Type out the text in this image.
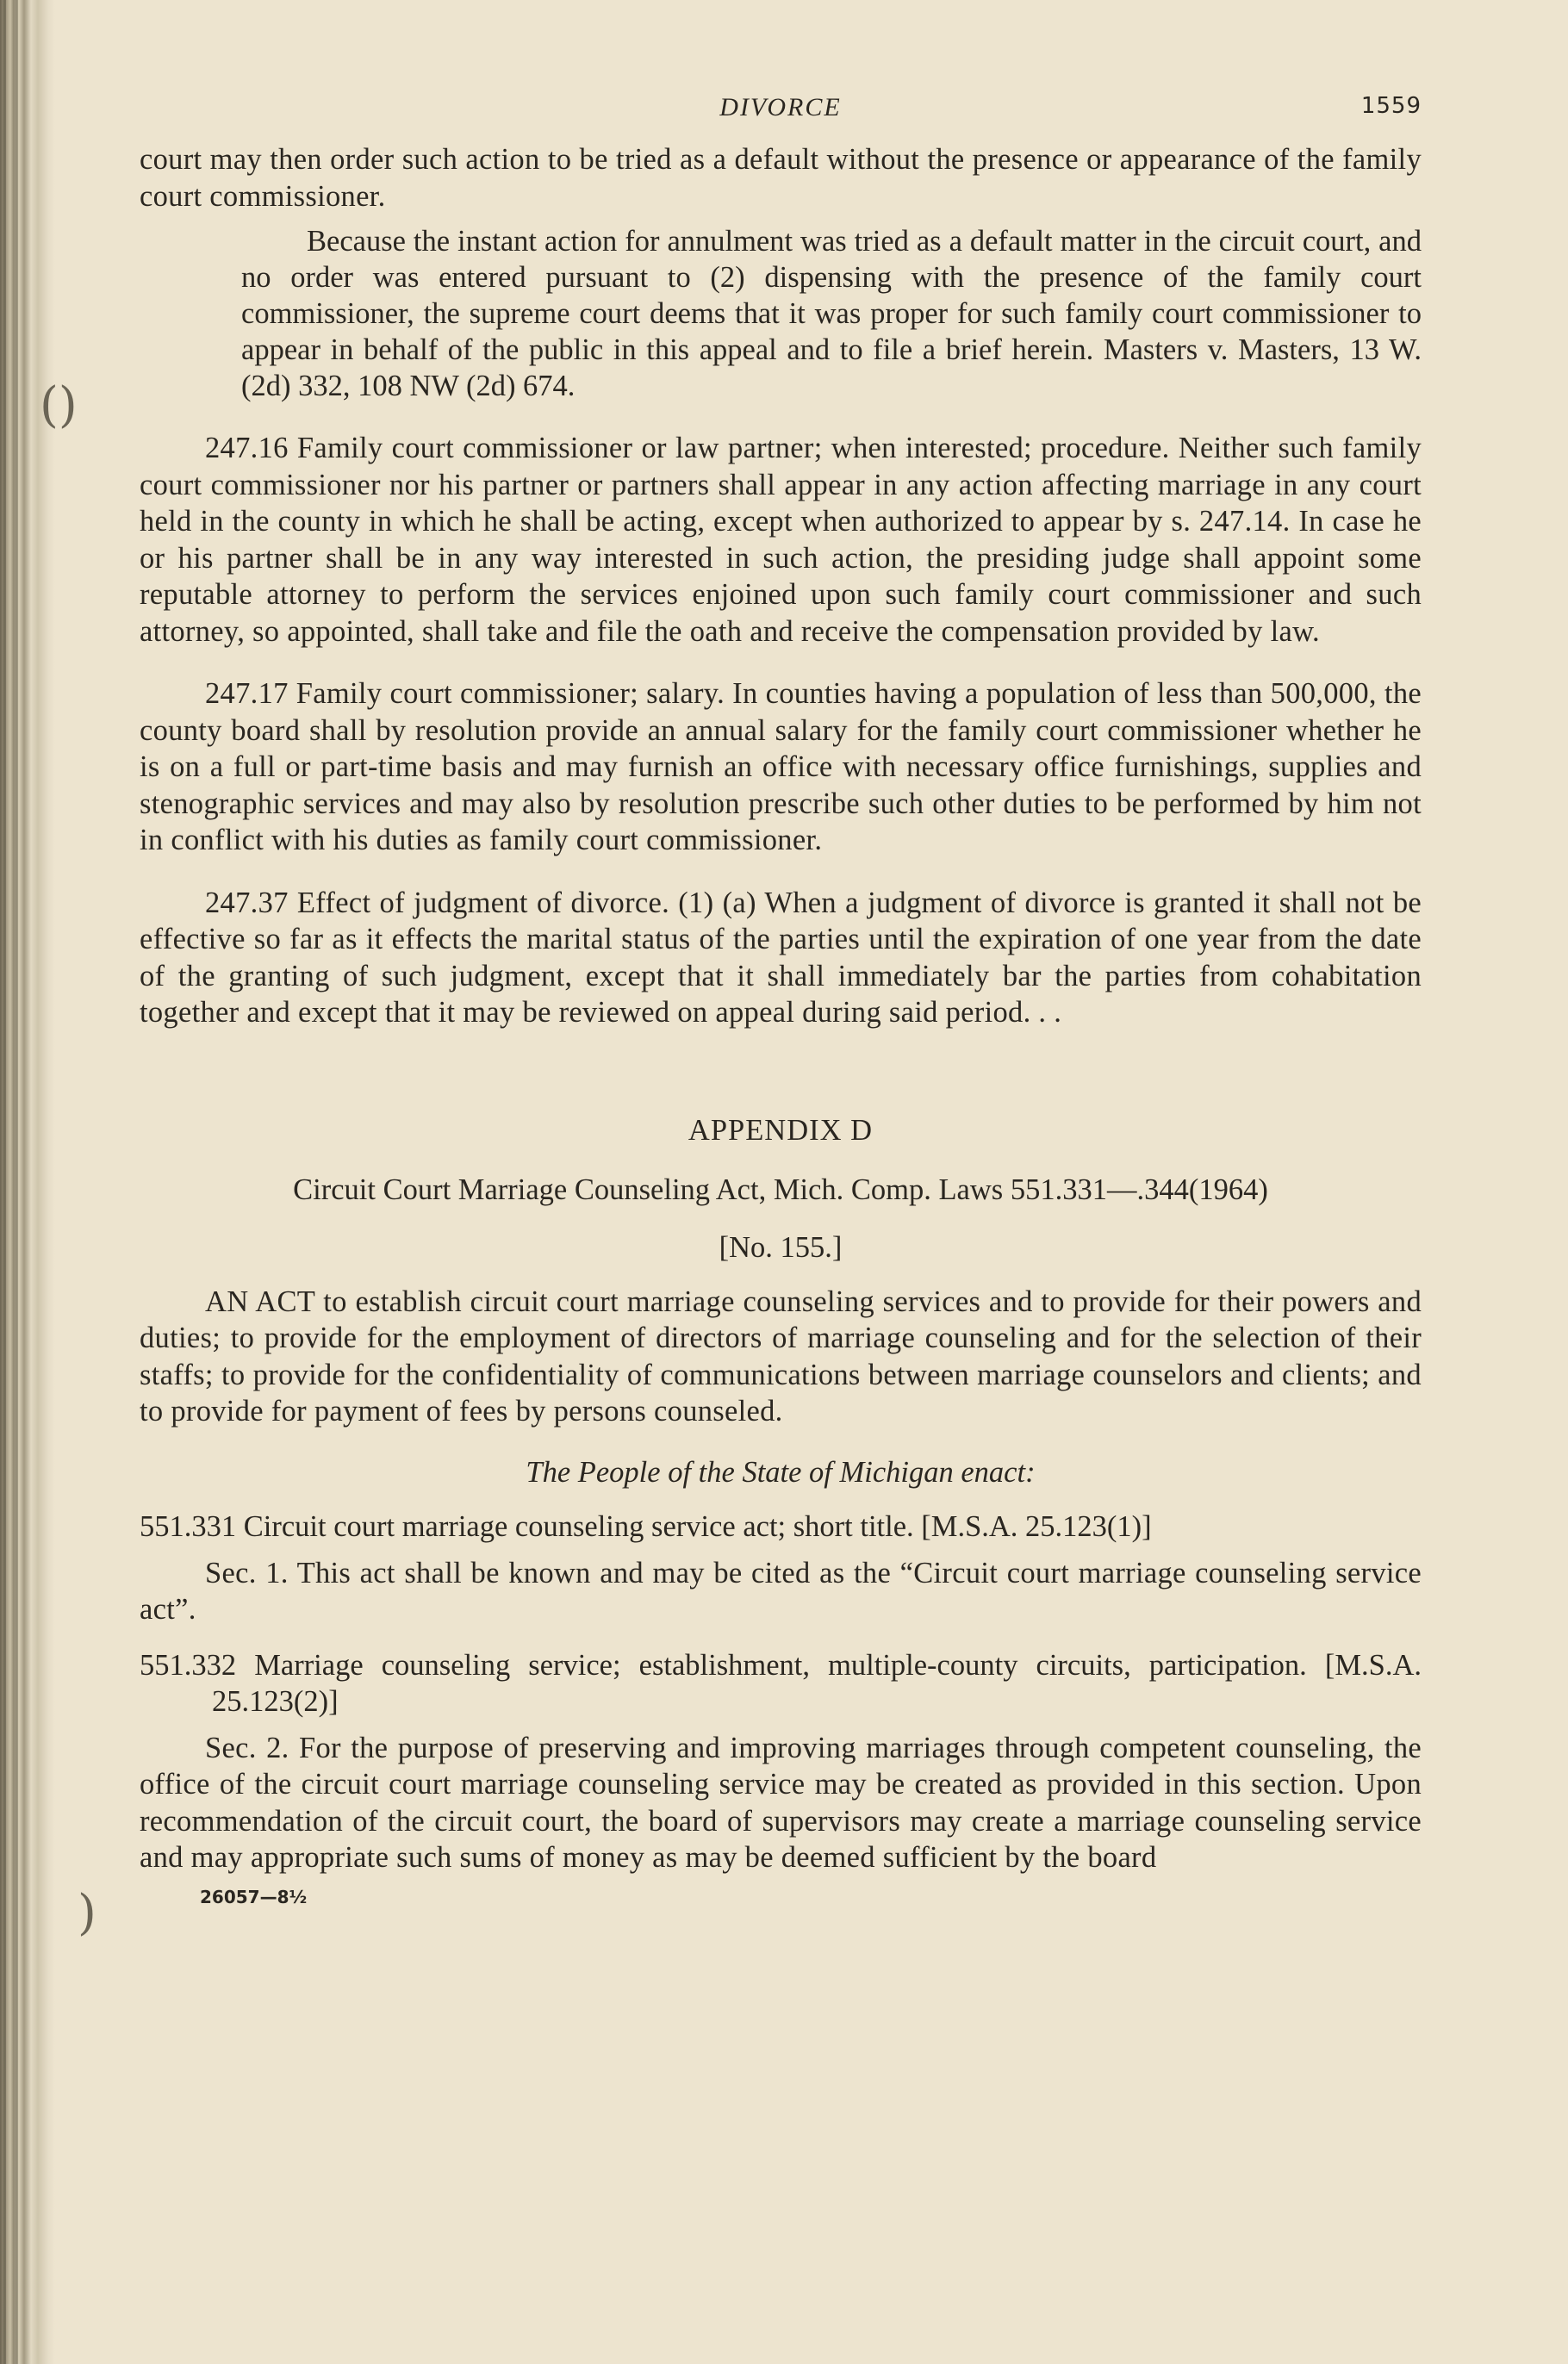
()
)
DIVORCE	1559

court may then order such action to be tried as a default without the presence or appearance of the family court commissioner.

Because the instant action for annulment was tried as a default matter in the circuit court, and no order was entered pursuant to (2) dispensing with the presence of the family court commissioner, the supreme court deems that it was proper for such family court commissioner to appear in behalf of the public in this appeal and to file a brief herein. Masters v. Masters, 13 W. (2d) 332, 108 NW (2d) 674.

247.16 Family court commissioner or law partner; when interested; procedure. Neither such family court commissioner nor his partner or partners shall appear in any action affecting marriage in any court held in the county in which he shall be acting, except when authorized to appear by s. 247.14. In case he or his partner shall be in any way interested in such action, the presiding judge shall appoint some reputable attorney to perform the services enjoined upon such family court commissioner and such attorney, so appointed, shall take and file the oath and receive the compensation provided by law.

247.17 Family court commissioner; salary. In counties having a population of less than 500,000, the county board shall by resolution provide an annual salary for the family court commissioner whether he is on a full or part-time basis and may furnish an office with necessary office furnishings, supplies and stenographic services and may also by resolution prescribe such other duties to be performed by him not in conflict with his duties as family court commissioner.

247.37 Effect of judgment of divorce. (1) (a) When a judgment of divorce is granted it shall not be effective so far as it effects the marital status of the parties until the expiration of one year from the date of the granting of such judgment, except that it shall immediately bar the parties from cohabitation together and except that it may be reviewed on appeal during said period. . .

APPENDIX D
Circuit Court Marriage Counseling Act, Mich. Comp. Laws 551.331—.344(1964)
[No. 155.]

AN ACT to establish circuit court marriage counseling services and to provide for their powers and duties; to provide for the employment of directors of marriage counseling and for the selection of their staffs; to provide for the confidentiality of communications between marriage counselors and clients; and to provide for payment of fees by persons counseled.

The People of the State of Michigan enact:

551.331 Circuit court marriage counseling service act; short title. [M.S.A. 25.123(1)]

Sec. 1. This act shall be known and may be cited as the “Circuit court marriage counseling service act”.

551.332 Marriage counseling service; establishment, multiple-county circuits, participation. [M.S.A. 25.123(2)]

Sec. 2. For the purpose of preserving and improving marriages through competent counseling, the office of the circuit court marriage counseling service may be created as provided in this section. Upon recommendation of the circuit court, the board of supervisors may create a marriage counseling service and may appropriate such sums of money as may be deemed sufficient by the board

26057—8½
